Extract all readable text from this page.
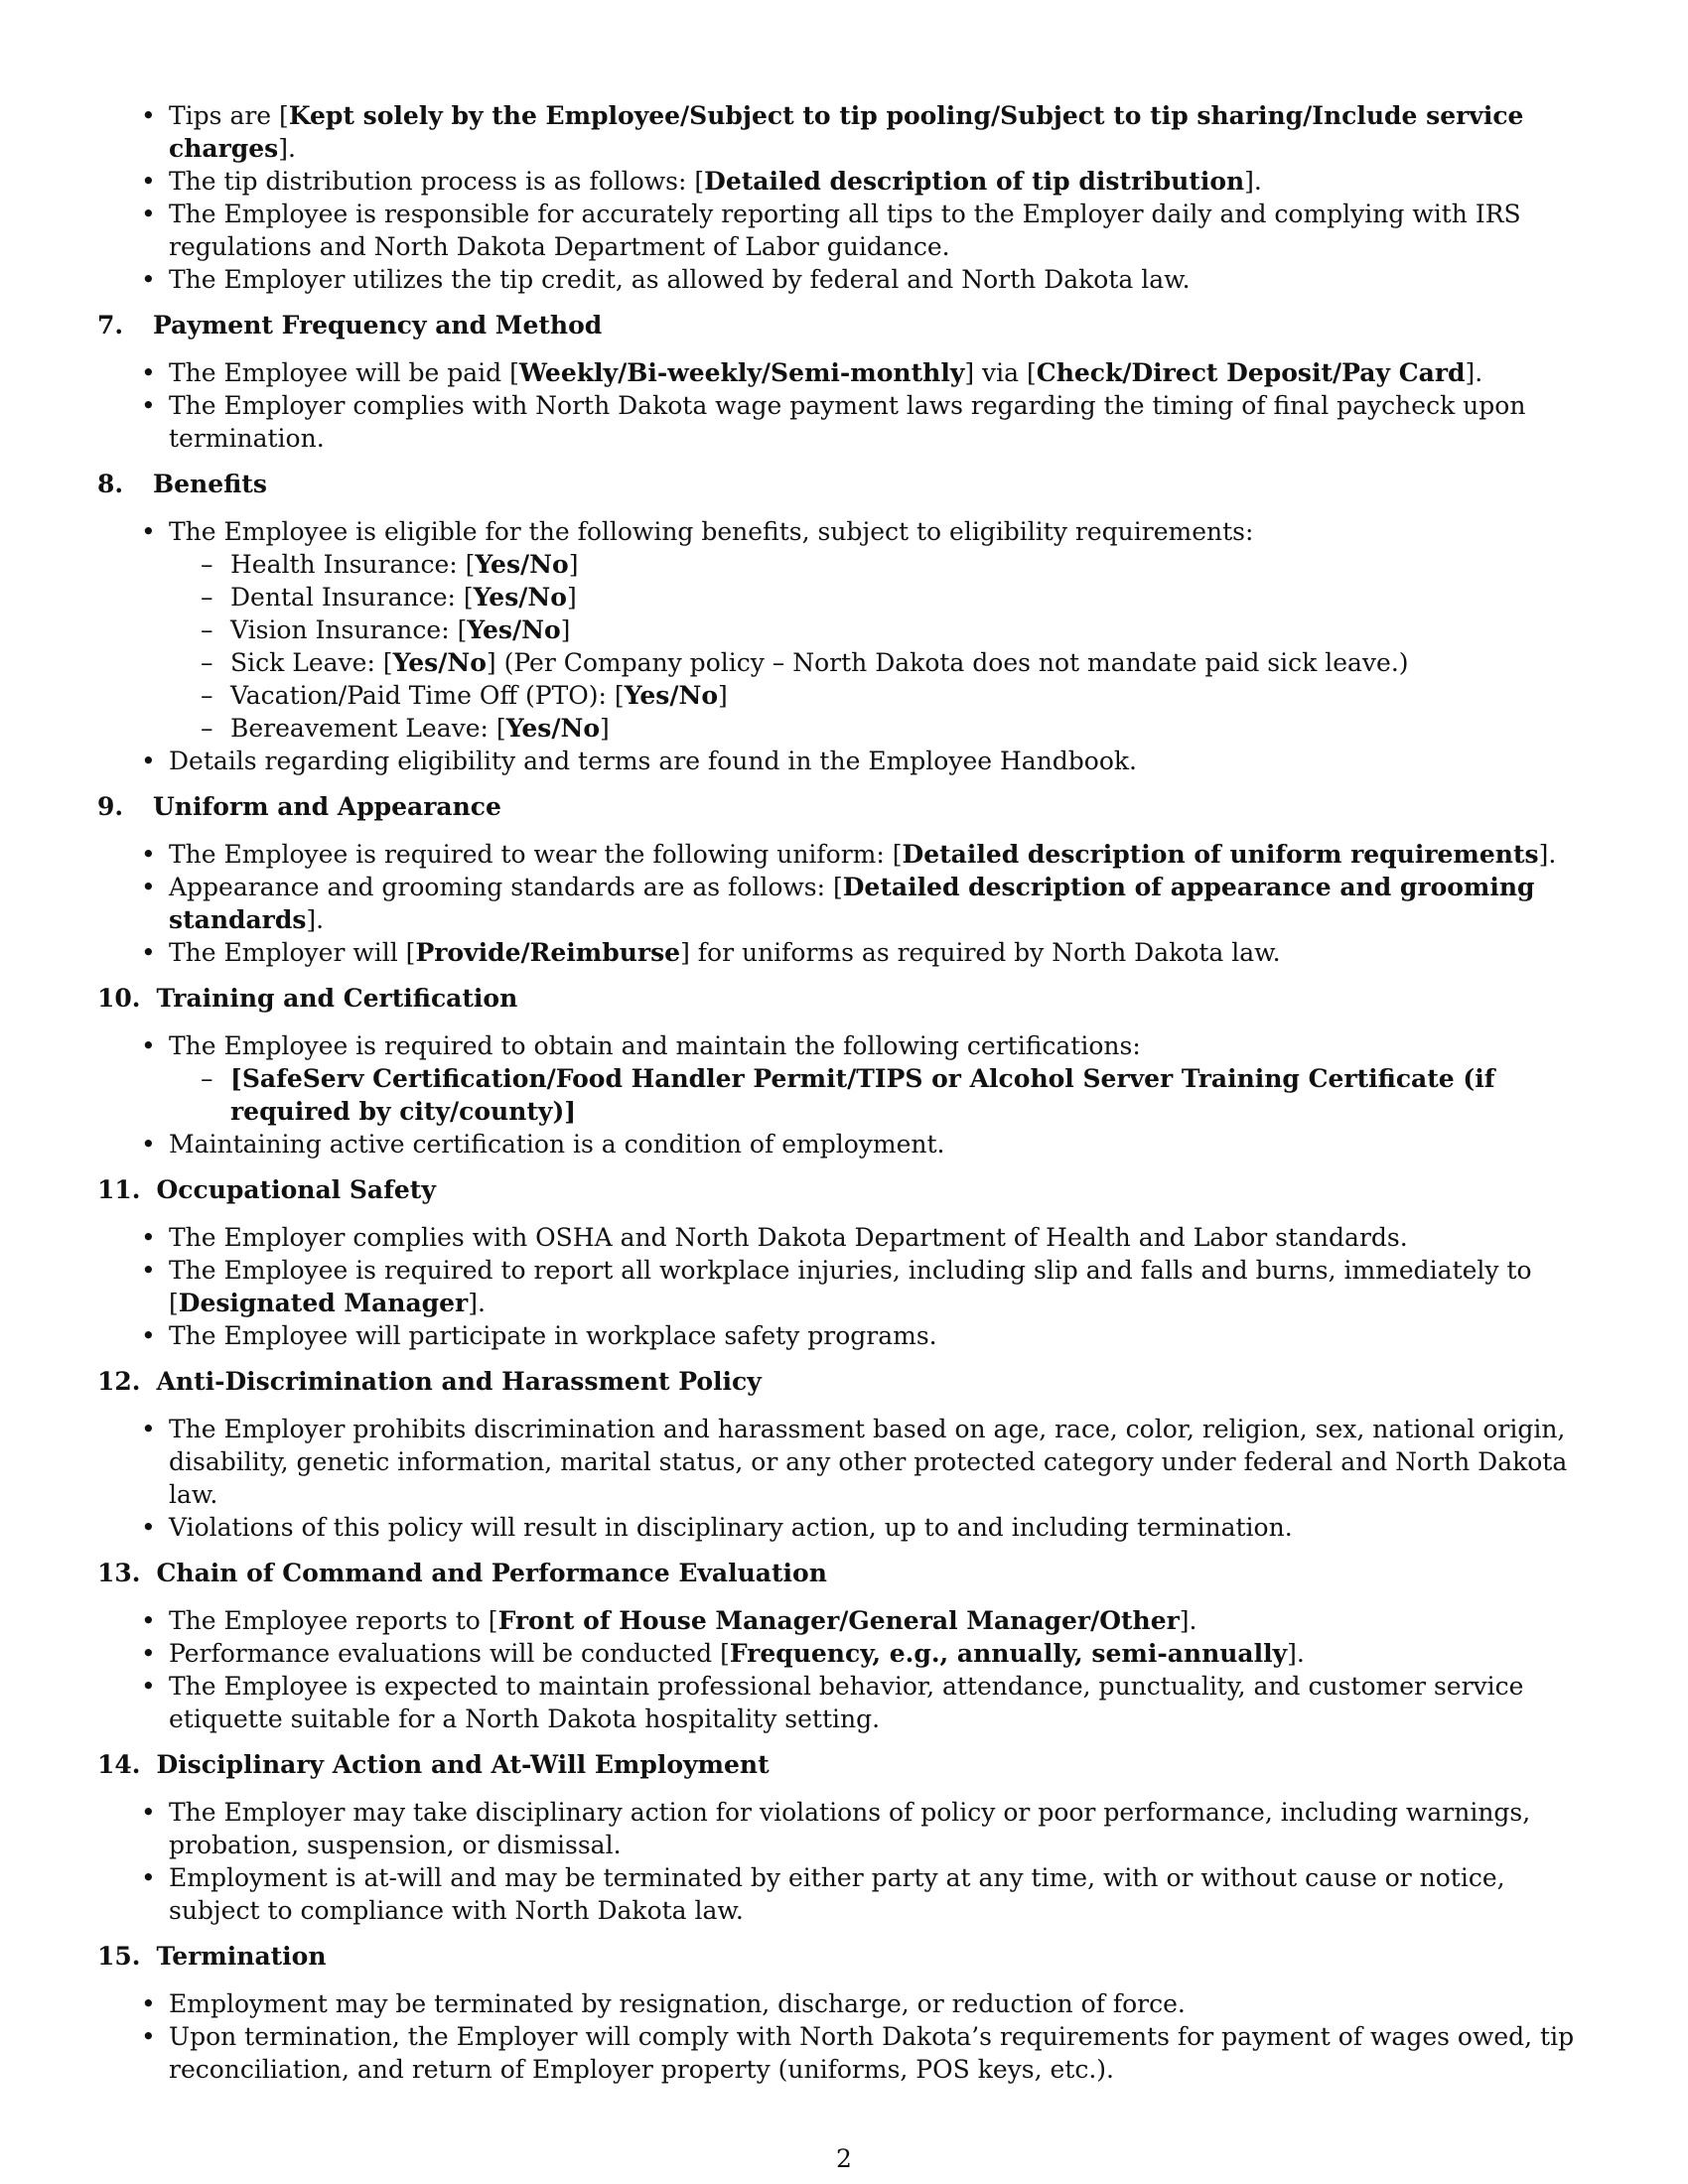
• Tips are [Kept solely by the Employee/Subject to tip pooling/Subject to tip sharing/Include service charges].
• The tip distribution process is as follows: [Detailed description of tip distribution].
• The Employee is responsible for accurately reporting all tips to the Employer daily and complying with IRS regulations and North Dakota Department of Labor guidance.
• The Employer utilizes the tip credit, as allowed by federal and North Dakota law.
7.	Payment Frequency and Method

• The Employee will be paid [Weekly/Bi-weekly/Semi-monthly] via [Check/Direct Deposit/Pay Card].

• The Employer complies with North Dakota wage payment laws regarding the timing of final paycheck upon termination.

8.	Benefits

• The Employee is eligible for the following benefits, subject to eligibility requirements:

– Health Insurance: [Yes/No]
– Dental Insurance: [Yes/No]
– Vision Insurance: [Yes/No]
– Sick Leave: [Yes/No] (Per Company policy – North Dakota does not mandate paid sick leave.)
– Vacation/Paid Time Off (PTO): [Yes/No]
– Bereavement Leave: [Yes/No]

• Details regarding eligibility and terms are found in the Employee Handbook.

9.	Uniform and Appearance

• The Employee is required to wear the following uniform: [Detailed description of uniform requirements].

• Appearance and grooming standards are as follows: [Detailed description of appearance and grooming standards].

• The Employer will [Provide/Reimburse] for uniforms as required by North Dakota law.

10. Training and Certification

• The Employee is required to obtain and maintain the following certifications:

– [SafeServ Certification/Food Handler Permit/TIPS or Alcohol Server Training Certificate (if required by city/county)]

• Maintaining active certification is a condition of employment.

11. Occupational Safety

• The Employer complies with OSHA and North Dakota Department of Health and Labor standards.

• The Employee is required to report all workplace injuries, including slip and falls and burns, immediately to [Designated Manager].

• The Employee will participate in workplace safety programs.

12. Anti-Discrimination and Harassment Policy

• The Employer prohibits discrimination and harassment based on age, race, color, religion, sex, national origin, disability, genetic information, marital status, or any other protected category under federal and North Dakota law.

• Violations of this policy will result in disciplinary action, up to and including termination.

13. Chain of Command and Performance Evaluation

• The Employee reports to [Front of House Manager/General Manager/Other].

• Performance evaluations will be conducted [Frequency, e.g., annually, semi-annually].

• The Employee is expected to maintain professional behavior, attendance, punctuality, and customer service etiquette suitable for a North Dakota hospitality setting.

14. Disciplinary Action and At-Will Employment

• The Employer may take disciplinary action for violations of policy or poor performance, including warnings, probation, suspension, or dismissal.

• Employment is at-will and may be terminated by either party at any time, with or without cause or notice, subject to compliance with North Dakota law.

15. Termination

• Employment may be terminated by resignation, discharge, or reduction of force.

• Upon termination, the Employer will comply with North Dakota’s requirements for payment of wages owed, tip reconciliation, and return of Employer property (uniforms, POS keys, etc.).

2
